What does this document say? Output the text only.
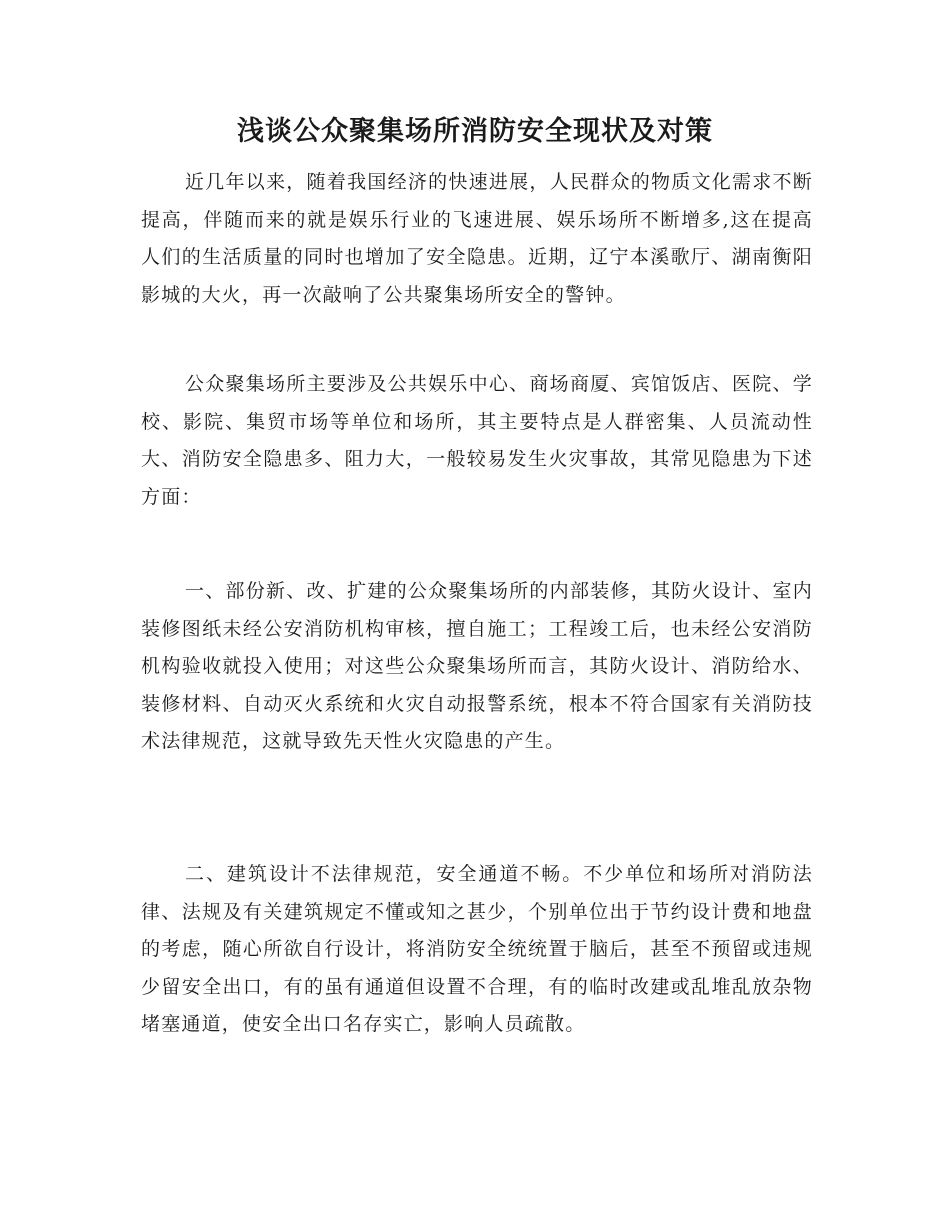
浅谈公众聚集场所消防安全现状及对策

近几年以来，随着我国经济的快速进展，人民群众的物质文化需求不断提高，伴随而来的就是娱乐行业的飞速进展、娱乐场所不断增多,这在提高人们的生活质量的同时也增加了安全隐患。近期，辽宁本溪歌厅、湖南衡阳影城的大火，再一次敲响了公共聚集场所安全的警钟。

公众聚集场所主要涉及公共娱乐中心、商场商厦、宾馆饭店、医院、学校、影院、集贸市场等单位和场所，其主要特点是人群密集、人员流动性大、消防安全隐患多、阻力大，一般较易发生火灾事故，其常见隐患为下述方面：

一、部份新、改、扩建的公众聚集场所的内部装修，其防火设计、室内装修图纸未经公安消防机构审核，擅自施工；工程竣工后，也未经公安消防机构验收就投入使用；对这些公众聚集场所而言，其防火设计、消防给水、装修材料、自动灭火系统和火灾自动报警系统，根本不符合国家有关消防技术法律规范，这就导致先天性火灾隐患的产生。

二、建筑设计不法律规范，安全通道不畅。不少单位和场所对消防法律、法规及有关建筑规定不懂或知之甚少，个别单位出于节约设计费和地盘的考虑，随心所欲自行设计，将消防安全统统置于脑后，甚至不预留或违规少留安全出口，有的虽有通道但设置不合理，有的临时改建或乱堆乱放杂物堵塞通道，使安全出口名存实亡，影响人员疏散。
